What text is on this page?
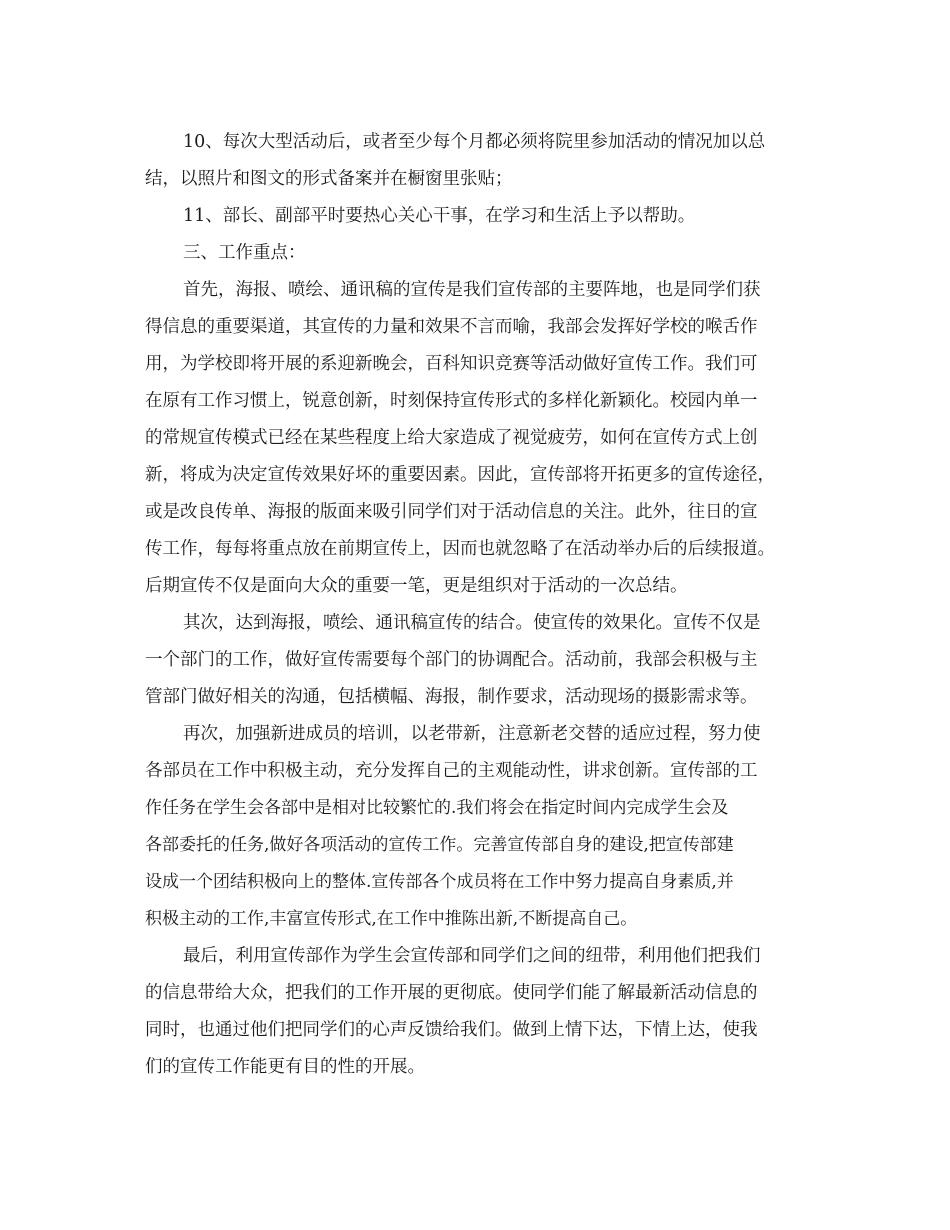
10、每次大型活动后，或者至少每个月都必须将院里参加活动的情况加以总
结，以照片和图文的形式备案并在橱窗里张贴；
11、部长、副部平时要热心关心干事，在学习和生活上予以帮助。
三、工作重点：
首先，海报、喷绘、通讯稿的宣传是我们宣传部的主要阵地，也是同学们获
得信息的重要渠道，其宣传的力量和效果不言而喻，我部会发挥好学校的喉舌作
用，为学校即将开展的系迎新晚会，百科知识竞赛等活动做好宣传工作。我们可
在原有工作习惯上，锐意创新，时刻保持宣传形式的多样化新颖化。校园内单一
的常规宣传模式已经在某些程度上给大家造成了视觉疲劳，如何在宣传方式上创
新，将成为决定宣传效果好坏的重要因素。因此，宣传部将开拓更多的宣传途径，
或是改良传单、海报的版面来吸引同学们对于活动信息的关注。此外，往日的宣
传工作，每每将重点放在前期宣传上，因而也就忽略了在活动举办后的后续报道。
后期宣传不仅是面向大众的重要一笔，更是组织对于活动的一次总结。
其次，达到海报，喷绘、通讯稿宣传的结合。使宣传的效果化。宣传不仅是
一个部门的工作，做好宣传需要每个部门的协调配合。活动前，我部会积极与主
管部门做好相关的沟通，包括横幅、海报，制作要求，活动现场的摄影需求等。
再次，加强新进成员的培训，以老带新，注意新老交替的适应过程，努力使
各部员在工作中积极主动，充分发挥自己的主观能动性，讲求创新。宣传部的工
作任务在学生会各部中是相对比较繁忙的.我们将会在指定时间内完成学生会及
各部委托的任务,做好各项活动的宣传工作。完善宣传部自身的建设,把宣传部建
设成一个团结积极向上的整体.宣传部各个成员将在工作中努力提高自身素质,并
积极主动的工作,丰富宣传形式,在工作中推陈出新,不断提高自己。
最后，利用宣传部作为学生会宣传部和同学们之间的纽带，利用他们把我们
的信息带给大众，把我们的工作开展的更彻底。使同学们能了解最新活动信息的
同时，也通过他们把同学们的心声反馈给我们。做到上情下达，下情上达，使我
们的宣传工作能更有目的性的开展。
